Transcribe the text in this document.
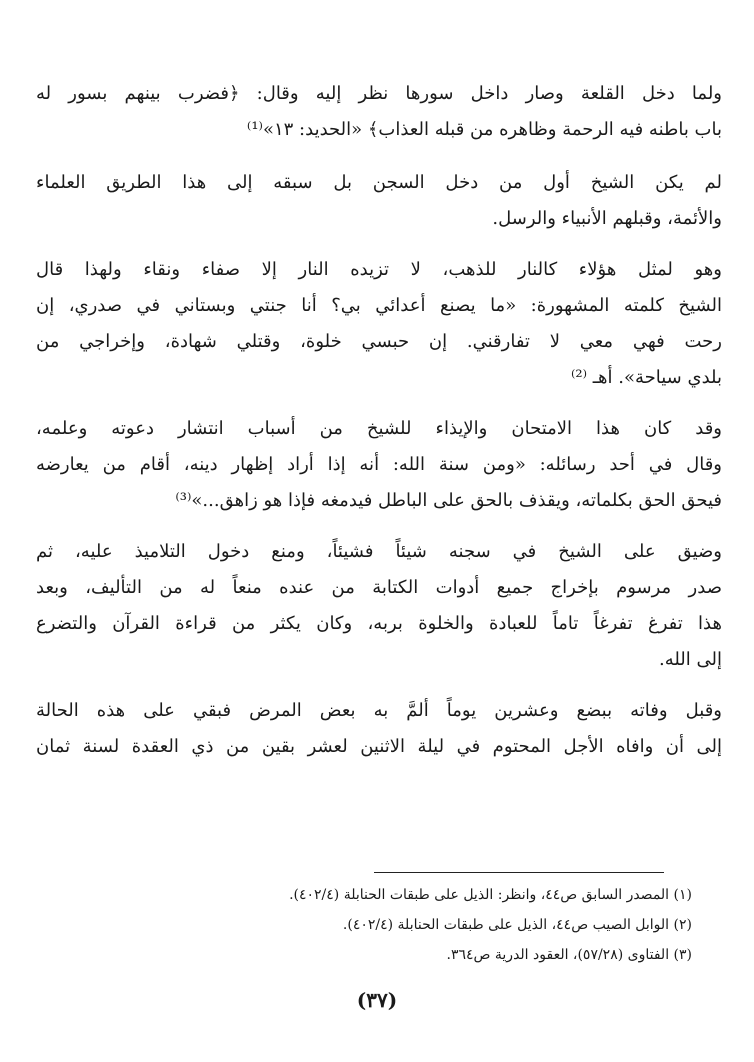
ولما دخل القلعة وصار داخل سورها نظر إليه وقال: ﴿فضرب بينهم بسور له
باب باطنه فيه الرحمة وظاهره من قبله العذاب﴾ «الحديد: ١٣»⁽¹⁾

لم يكن الشيخ أول من دخل السجن بل سبقه إلى هذا الطريق العلماء
والأئمة، وقبلهم الأنبياء والرسل.

وهو لمثل هؤلاء كالنار للذهب، لا تزيده النار إلا صفاء ونقاء ولهذا قال
الشيخ كلمته المشهورة: «ما يصنع أعدائي بي؟ أنا جنتي وبستاني في صدري، إن
رحت فهي معي لا تفارقني. إن حبسي خلوة، وقتلي شهادة، وإخراجي من
بلدي سياحة». أهـ ⁽²⁾

وقد كان هذا الامتحان والإيذاء للشيخ من أسباب انتشار دعوته وعلمه،
وقال في أحد رسائله: «ومن سنة الله: أنه إذا أراد إظهار دينه، أقام من يعارضه
فيحق الحق بكلماته، ويقذف بالحق على الباطل فيدمغه فإذا هو زاهق...»⁽³⁾

وضيق على الشيخ في سجنه شيئاً فشيئاً، ومنع دخول التلاميذ عليه، ثم
صدر مرسوم بإخراج جميع أدوات الكتابة من عنده منعاً له من التأليف، وبعد
هذا تفرغ تفرغاً تاماً للعبادة والخلوة بربه، وكان يكثر من قراءة القرآن والتضرع
إلى الله.

وقبل وفاته ببضع وعشرين يوماً ألمَّ به بعض المرض فبقي على هذه الحالة
إلى أن وافاه الأجل المحتوم في ليلة الاثنين لعشر بقين من ذي العقدة لسنة ثمان

(١) المصدر السابق ص٤٤، وانظر: الذيل على طبقات الحنابلة (٤٠٢/٤).

(٢) الوابل الصيب ص٤٤، الذيل على طبقات الحنابلة (٤٠٢/٤).

(٣) الفتاوى (٥٧/٢٨)، العقود الدرية ص٣٦٤.

(٣٧)
